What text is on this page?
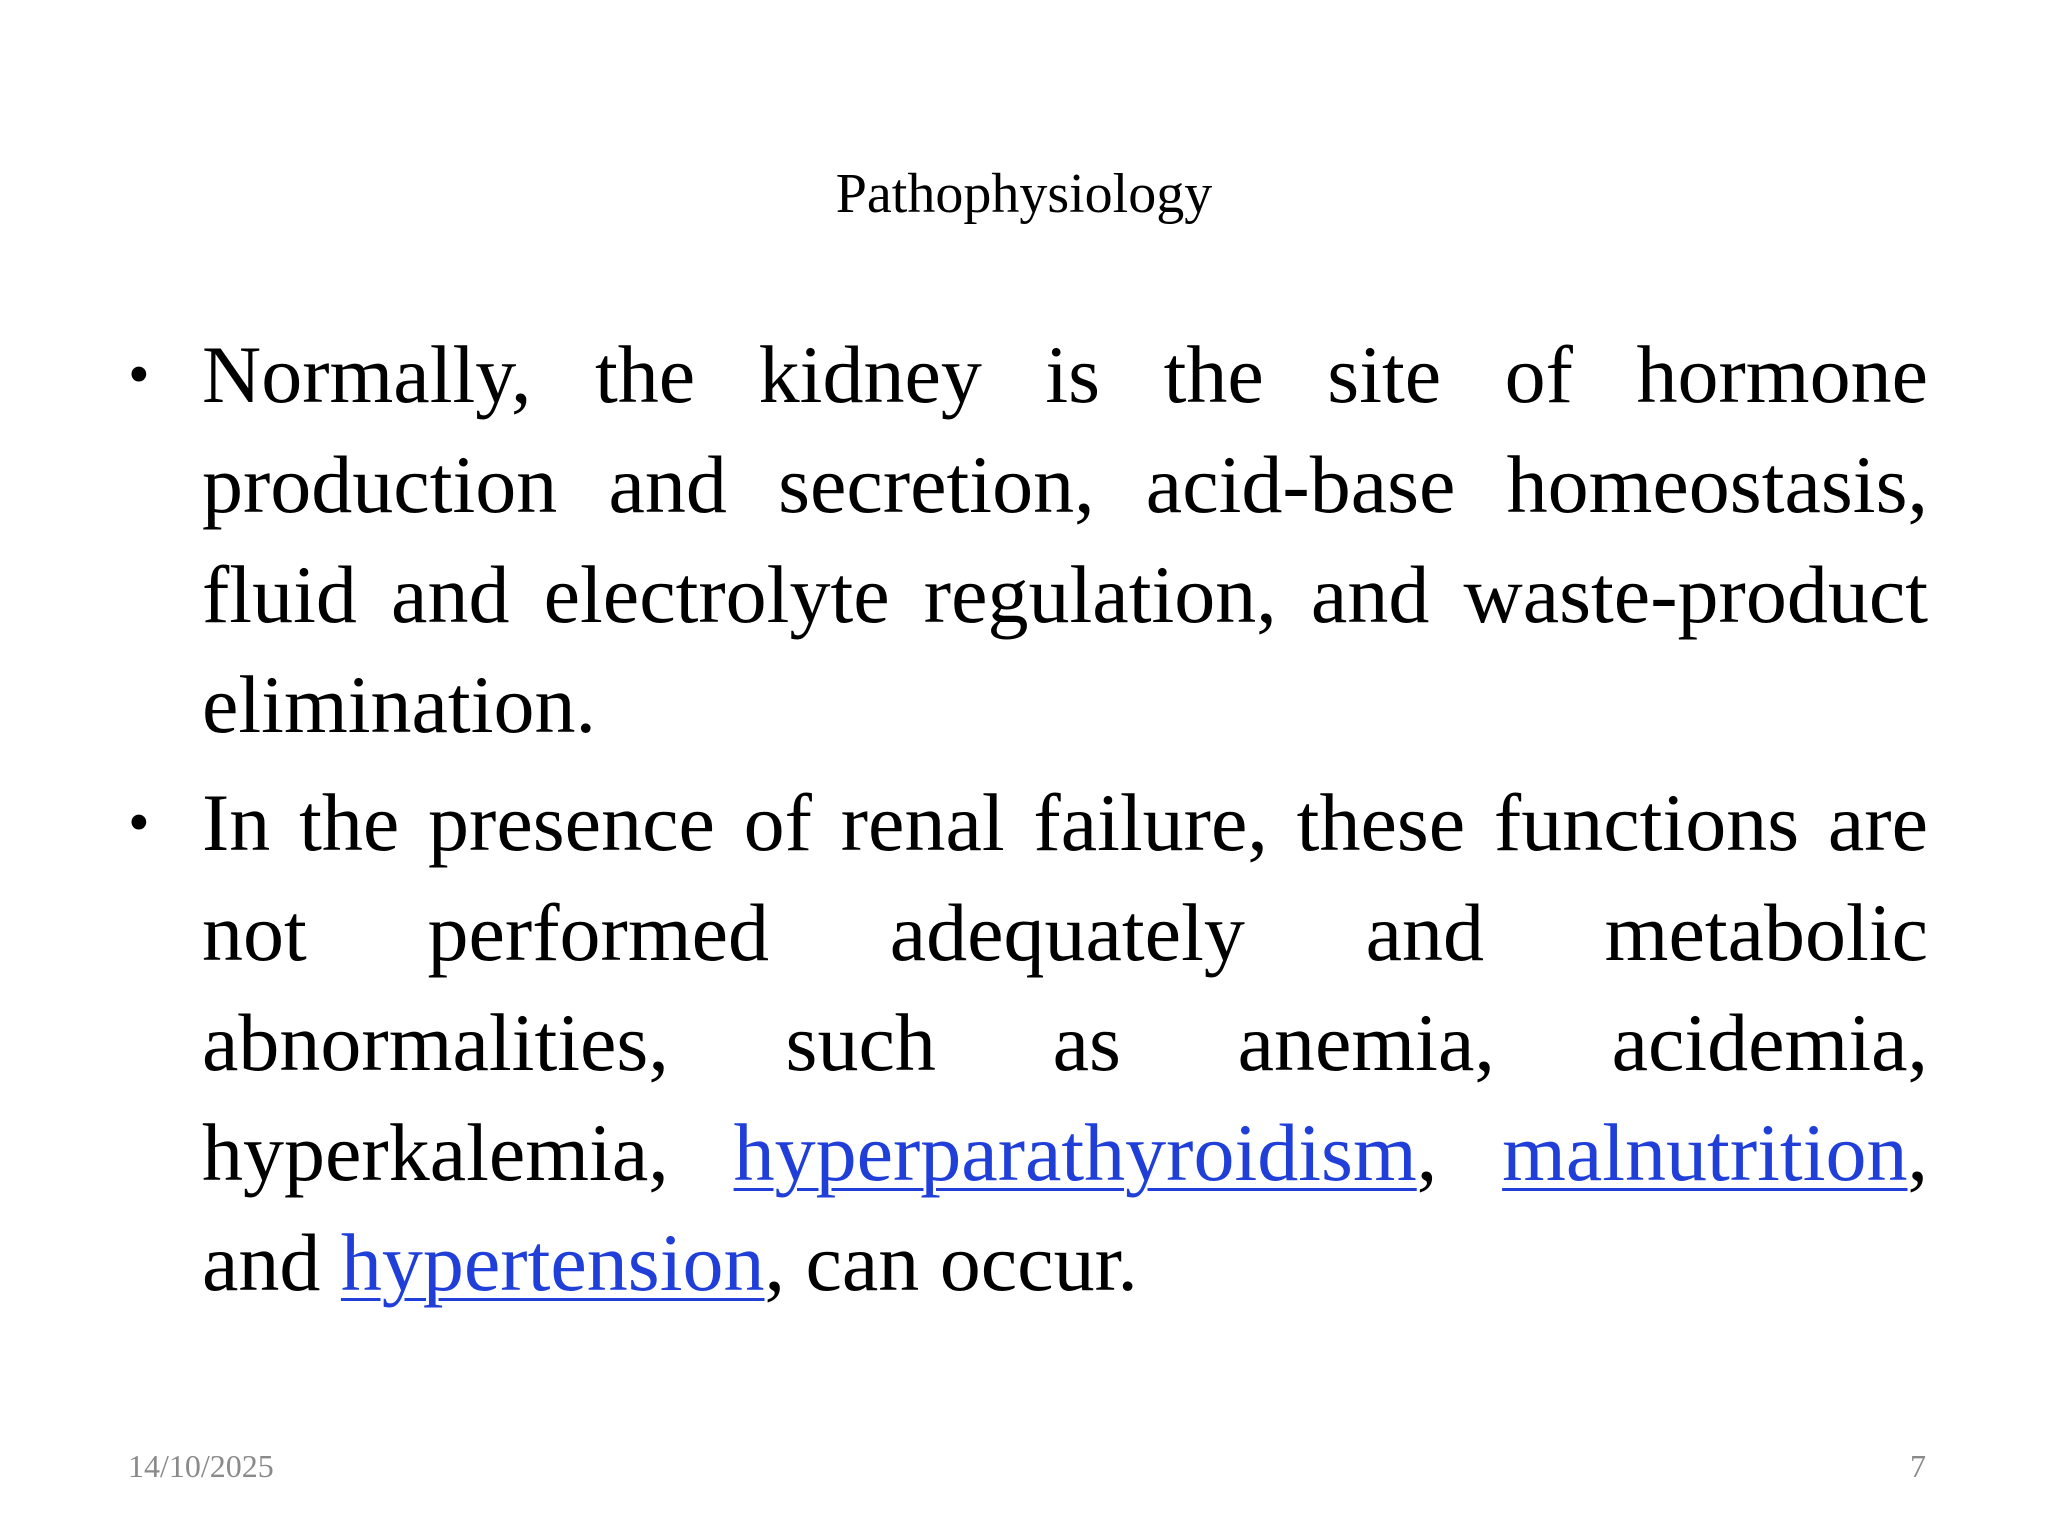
Pathophysiology
• Normally, the kidney is the site of hormone production and secretion, acid-base homeostasis, fluid and electrolyte regulation, and waste-product elimination.
• In the presence of renal failure, these functions are not performed adequately and metabolic abnormalities, such as anemia, acidemia, hyperkalemia, hyperparathyroidism, malnutrition, and hypertension, can occur.
14/10/2025	7
